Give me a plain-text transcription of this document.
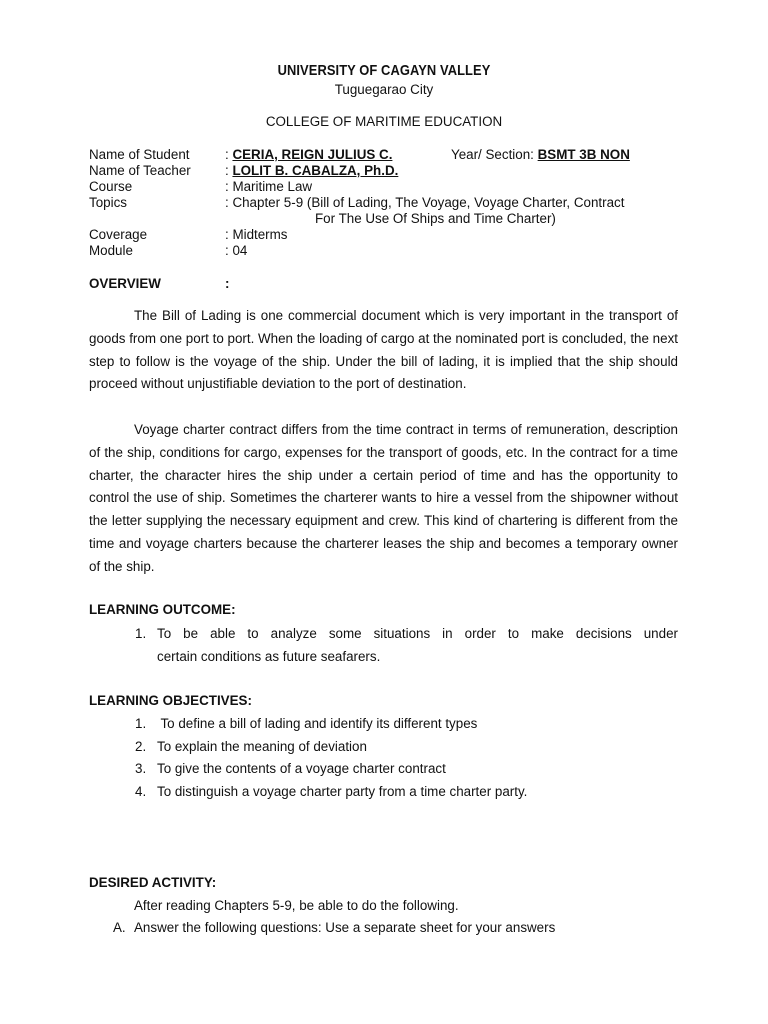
UNIVERSITY OF CAGAYN VALLEY
Tuguegarao City
COLLEGE OF MARITIME EDUCATION
Name of Student	: CERIA, REIGN JULIUS C.	Year/ Section: BSMT 3B NON
Name of Teacher	: LOLIT B. CABALZA, Ph.D.
Course	: Maritime Law
Topics	: Chapter 5-9 (Bill of Lading, The Voyage, Voyage Charter, Contract
For The Use Of Ships and Time Charter)
Coverage	: Midterms
Module	: 04
OVERVIEW	:

The Bill of Lading is one commercial document which is very important in the transport of goods from one port to port. When the loading of cargo at the nominated port is concluded, the next step to follow is the voyage of the ship. Under the bill of lading, it is implied that the ship should proceed without unjustifiable deviation to the port of destination.

Voyage charter contract differs from the time contract in terms of remuneration, description of the ship, conditions for cargo, expenses for the transport of goods, etc. In the contract for a time charter, the character hires the ship under a certain period of time and has the opportunity to control the use of ship. Sometimes the charterer wants to hire a vessel from the shipowner without the letter supplying the necessary equipment and crew. This kind of chartering is different from the time and voyage charters because the charterer leases the ship and becomes a temporary owner of the ship.

LEARNING OUTCOME:
1. To be able to analyze some situations in order to make decisions under
certain conditions as future seafarers.
LEARNING OBJECTIVES:
1. To define a bill of lading and identify its different types
2. To explain the meaning of deviation
3. To give the contents of a voyage charter contract
4. To distinguish a voyage charter party from a time charter party.
DESIRED ACTIVITY:
After reading Chapters 5-9, be able to do the following.
A. Answer the following questions: Use a separate sheet for your answers
